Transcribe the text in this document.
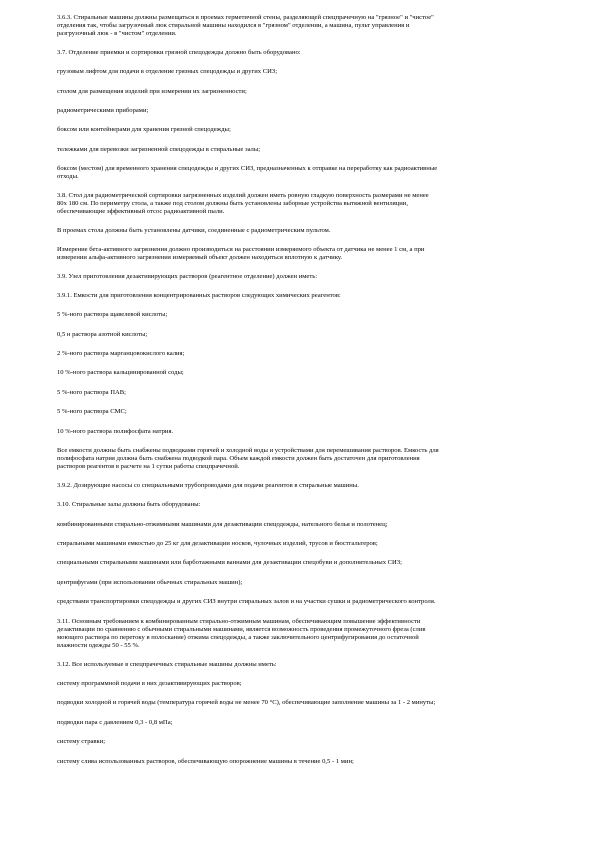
3.6.3. Стиральные машины должны размещаться в проемах герметичной стены, разделяющей спецпрачечную на "грязное" и "чистое"
отделения так, чтобы загрузочный люк стиральной машины находился в "грязном" отделении, а машина, пульт управления и
разгрузочный люк - в "чистом" отделении.

3.7. Отделение приемки и сортировки грязной спецодежды должно быть оборудовано:

грузовым лифтом для подачи в отделение грязных спецодежды и других СИЗ;

столом для размещения изделий при измерении их загрязненности;

радиометрическими приборами;

боксом или контейнерами для хранения грязной спецодежды;

тележками для перевозки загрязненной спецодежды в стиральные залы;

боксом (местом) для временного хранения спецодежды и других СИЗ, предназначенных к отправке на переработку как радиоактивные
отходы.

3.8. Стол для радиометрической сортировки загрязненных изделий должен иметь ровную гладкую поверхность размерами не менее
80x 180 см. По периметру стола, а также под столом должны быть установлены заборные устройства вытяжной вентиляции,
обеспечивающие эффективный отсос радиоактивной пыли.

В проемах стола должны быть установлены датчики, соединенные с радиометрическим пультом.

Измерение бета-активного загрязнения должно производиться на расстоянии измеряемого объекта от датчика не менее 1 см, а при
измерении альфа-активного загрязнения измеряемый объект должен находиться вплотную к датчику.

3.9. Узел приготовления дезактивирующих растворов (реагентное отделение) должен иметь:

3.9.1. Емкости для приготовления концентрированных растворов следующих химических реагентов:

5 %-ного раствора щавелевой кислоты;

0,5 н раствора азотной кислоты;

2 %-ного раствора марганцовокислого калия;

10 %-ного раствора кальцинированной соды;

5 %-ного раствора ПАВ;

5 %-ного раствора СМС;

10 %-ного раствора полифосфата натрия.

Все емкости должны быть снабжены подводками горячей и холодной воды и устройствами для перемешивания растворов. Емкость для
полифосфата натрия должна быть снабжена подводкой пара. Объем каждой емкости должен быть достаточен для приготовления
растворов реагентов в расчете на 1 сутки работы спецпрачечной.

3.9.2. Дозирующие насосы со специальными трубопроводами для подачи реагентов в стиральные машины.

3.10. Стиральные залы должны быть оборудованы:

комбинированными стирально-отжимными машинами для дезактивации спецодежды, нательного белья и полотенец;

стиральными машинами емкостью до 25 кг для дезактивации носков, чулочных изделий, трусов и бюстгальтеров;

специальными стиральными машинами или барботажными ваннами для дезактивации спецобуви и дополнительных СИЗ;

центрифугами (при использовании обычных стиральных машин);

средствами транспортировки спецодежды и других СИЗ внутри стиральных залов и на участки сушки и радиометрического контроля.

3.11. Основным требованием к комбинированным стирально-отжимным машинам, обеспечивающим повышение эффективности
дезактивации по сравнению с обычными стиральными машинами, является возможность проведения промежуточного фреза (слив
моющего раствора по перетоку в полоскание) отжима спецодежды, а также заключительного центрифугирования до остаточной
влажности одежды 50 - 55 %.

3.12. Все используемые в спецпрачечных стиральные машины должны иметь:

систему программной подачи в них дезактивирующих растворов;

подводки холодной и горячей воды (температура горячей воды не менее 70 °С), обеспечивающие заполнение машины за 1 - 2 минуты;

подводки пара с давлением 0,3 - 0,8 мПа;

систему стравки;

систему слива использованных растворов, обеспечивающую опорожнение машины в течение 0,5 - 1 мин;
